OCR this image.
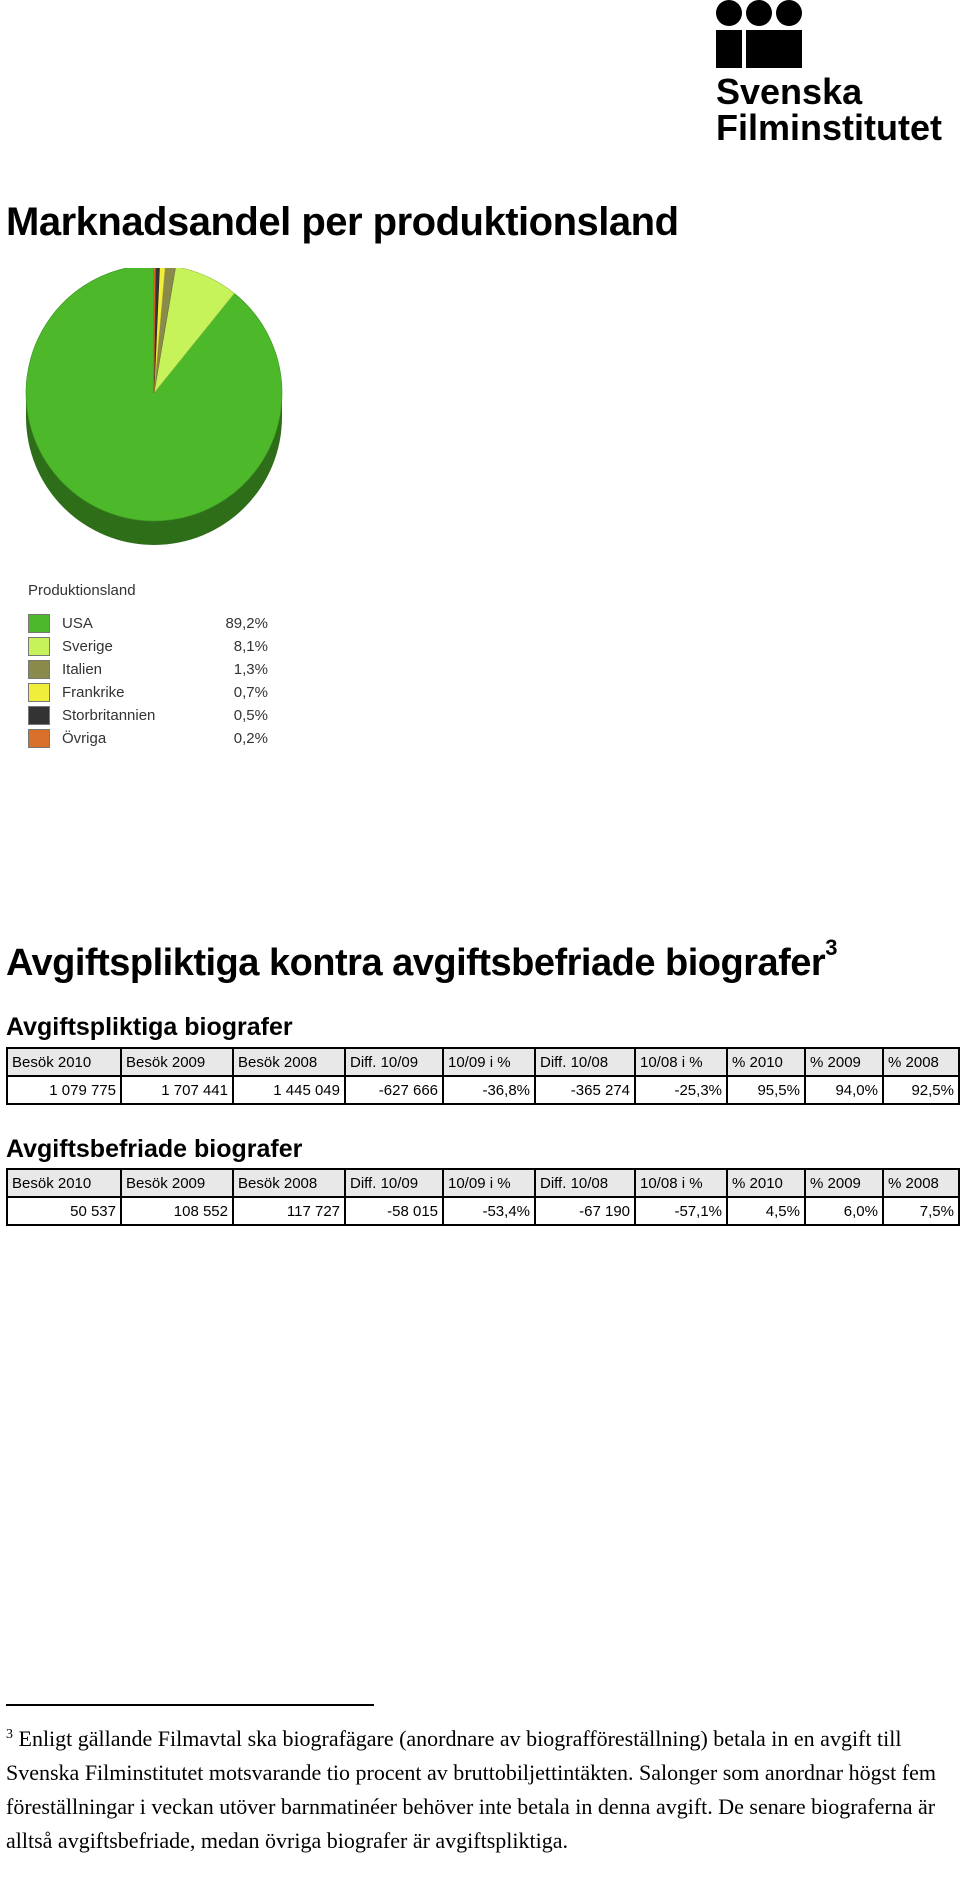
Svenska
Filminstitutet
Marknadsandel per produktionsland
Produktionsland
USA	89,2%
Sverige	8,1%
Italien	1,3%
Frankrike	0,7%
Storbritannien	0,5%
Övriga	0,2%
Avgiftspliktiga kontra avgiftsbefriade biografer$^3$
Avgiftspliktiga biografer
Besök 2010	Besök 2009	Besök 2008	Diff. 10/09	10/09 i %	Diff. 10/08	10/08 i %	% 2010	% 2009	% 2008
1 079 775	1 707 441	1 445 049	-627 666	-36,8%	-365 274	-25,3%	95,5%	94,0%	92,5%
Avgiftsbefriade biografer
Besök 2010	Besök 2009	Besök 2008	Diff. 10/09	10/09 i %	Diff. 10/08	10/08 i %	% 2010	% 2009	% 2008
50 537	108 552	117 727	-58 015	-53,4%	-67 190	-57,1%	4,5%	6,0%	7,5%

$^3$ Enligt gällande Filmavtal ska biografägare (anordnare av biografföreställning) betala in en avgift till Svenska Filminstitutet motsvarande tio procent av bruttobiljettintäkten. Salonger som anordnar högst fem föreställningar i veckan utöver barnmatinéer behöver inte betala in denna avgift. De senare biograferna är alltså avgiftsbefriade, medan övriga biografer är avgiftspliktiga.
